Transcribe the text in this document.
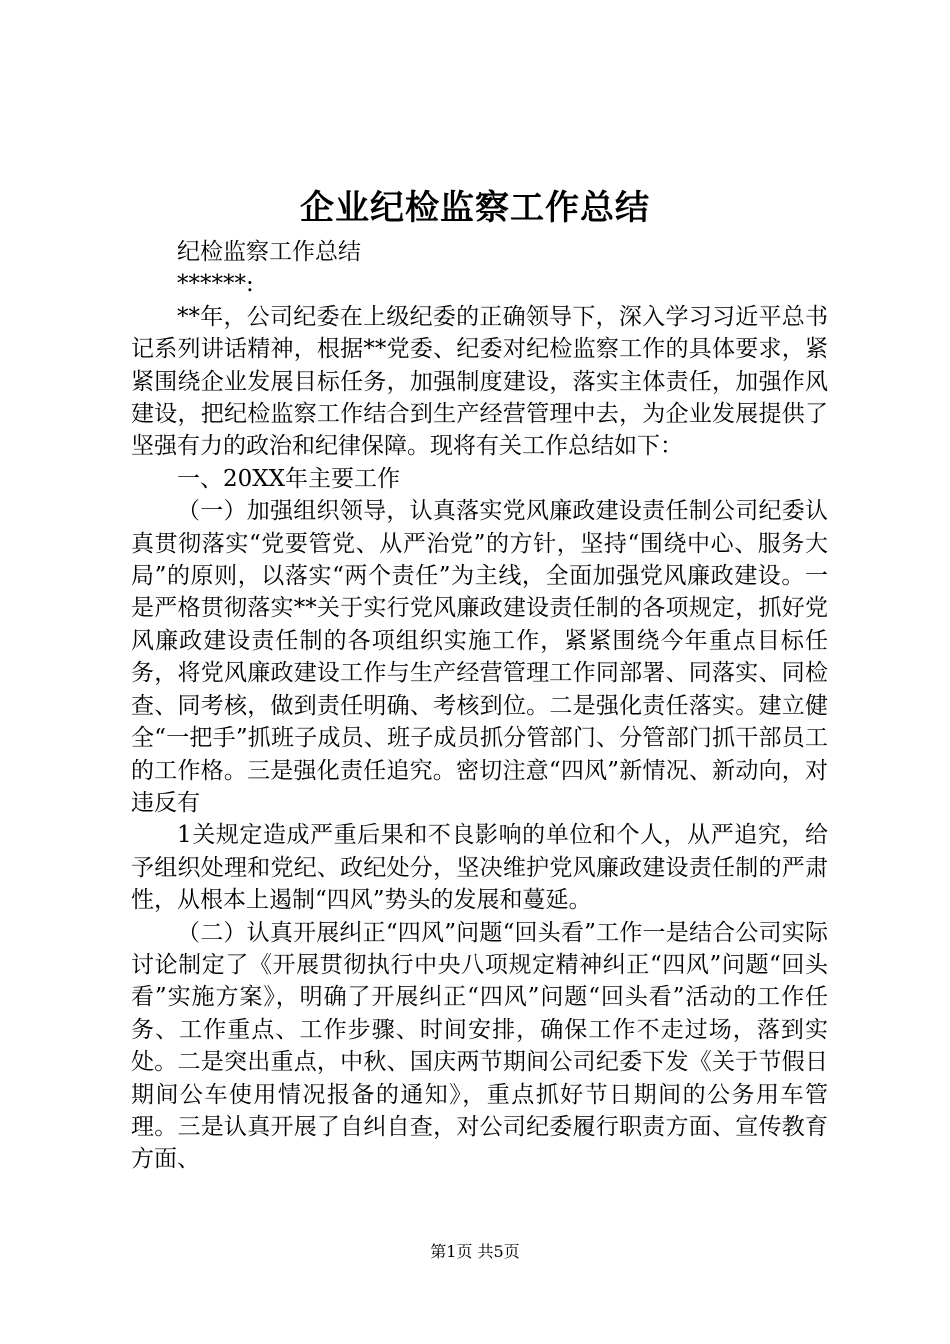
企业纪检监察工作总结

纪检监察工作总结

******:

**年，公司纪委在上级纪委的正确领导下，深入学习习近平总书记系列讲话精神，根据**党委、纪委对纪检监察工作的具体要求，紧紧围绕企业发展目标任务，加强制度建设，落实主体责任，加强作风建设，把纪检监察工作结合到生产经营管理中去，为企业发展提供了坚强有力的政治和纪律保障。现将有关工作总结如下：

一、20XX年主要工作

（一）加强组织领导，认真落实党风廉政建设责任制公司纪委认真贯彻落实“党要管党、从严治党”的方针，坚持“围绕中心、服务大局”的原则，以落实“两个责任”为主线，全面加强党风廉政建设。一是严格贯彻落实**关于实行党风廉政建设责任制的各项规定，抓好党风廉政建设责任制的各项组织实施工作，紧紧围绕今年重点目标任务，将党风廉政建设工作与生产经营管理工作同部署、同落实、同检查、同考核，做到责任明确、考核到位。二是强化责任落实。建立健全“一把手”抓班子成员、班子成员抓分管部门、分管部门抓干部员工的工作格。三是强化责任追究。密切注意“四风”新情况、新动向，对违反有

1关规定造成严重后果和不良影响的单位和个人，从严追究，给予组织处理和党纪、政纪处分，坚决维护党风廉政建设责任制的严肃性，从根本上遏制“四风”势头的发展和蔓延。

（二）认真开展纠正“四风”问题“回头看”工作一是结合公司实际讨论制定了《开展贯彻执行中央八项规定精神纠正“四风”问题“回头看”实施方案》，明确了开展纠正“四风”问题“回头看”活动的工作任务、工作重点、工作步骤、时间安排，确保工作不走过场，落到实处。二是突出重点，中秋、国庆两节期间公司纪委下发《关于节假日期间公车使用情况报备的通知》，重点抓好节日期间的公务用车管理。三是认真开展了自纠自查，对公司纪委履行职责方面、宣传教育方面、

第1页 共5页
